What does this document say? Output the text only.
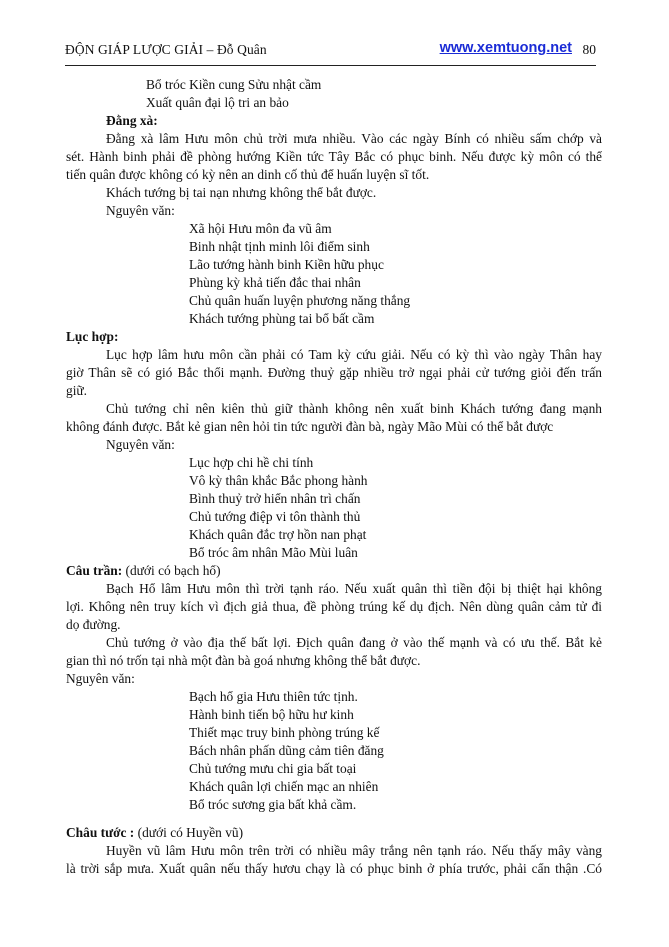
ĐỘN GIÁP LƯỢC GIẢI – Đỗ Quân	www.xemtuong.net 80
Bổ tróc Kiền cung Sửu nhật cầm
Xuất quân đại lộ tri an bảo
Đằng xà:
Đằng xà lâm Hưu môn chủ trời mưa nhiều. Vào các ngày Bính có nhiều sấm chớp và
sét. Hành binh phải đề phòng hướng Kiền tức Tây Bắc có phục binh. Nếu được kỳ môn có thể
tiến quân được không có kỳ nên an dinh cố thủ để huấn luyện sĩ tốt.
Khách tướng bị tai nạn nhưng không thể bắt được.
Nguyên văn:
Xã hội Hưu môn đa vũ âm
Binh nhật tịnh minh lôi điểm sinh
Lão tướng hành binh Kiền hữu phục
Phùng kỳ khả tiến đắc thai nhân
Chủ quân huấn luyện phương năng thắng
Khách tướng phùng tai bổ bất cầm
Lục hợp:
Lục hợp lâm hưu môn cần phải có Tam kỳ cứu giải. Nếu có kỳ thì vào ngày Thân hay
giờ Thân sẽ có gió Bắc thổi mạnh. Đường thuỷ gặp nhiều trở ngại phải cử tướng giỏi đến trấn
giữ.
Chủ tướng chỉ nên kiên thủ giữ thành không nên xuất binh Khách tướng đang mạnh
không đánh được. Bắt kẻ gian nên hỏi tin tức người đàn bà, ngày Mão Mùi có thể bắt được
Nguyên văn:
Lục hợp chi hề chi tính
Vô kỳ thân khắc Bắc phong hành
Bình thuỷ trở hiển nhân trì chấn
Chủ tướng điệp vi tôn thành thủ
Khách quân đắc trợ hồn nan phạt
Bổ tróc âm nhân Mão Mùi luân
Câu trần: (dưới có bạch hổ)
Bạch Hổ lâm Hưu môn thì trời tạnh ráo. Nếu xuất quân thì tiền đội bị thiệt hại không
lợi. Không nên truy kích vì địch giả thua, đề phòng trúng kế dụ địch. Nên dùng quân cảm tử đi
dọ đường.
Chủ tướng ở vào địa thế bất lợi. Địch quân đang ở vào thế mạnh và có ưu thế. Bắt kẻ
gian thì nó trốn tại nhà một đàn bà goá nhưng không thể bắt được.
Nguyên văn:
Bạch hổ gia Hưu thiên tức tịnh.
Hành binh tiến bộ hữu hư kinh
Thiết mạc truy binh phòng trúng kế
Bách nhân phấn dũng cảm tiên đăng
Chủ tướng mưu chi gia bất toại
Khách quân lợi chiến mạc an nhiên
Bổ tróc sương gia bất khả cầm.
Châu tước : (dưới có Huyền vũ)
Huyền vũ lâm Hưu môn trên trời có nhiều mây trắng nên tạnh ráo. Nếu thấy mây vàng
là trời sắp mưa. Xuất quân nếu thấy hươu chạy là có phục binh ở phía trước, phải cẩn thận .Có
